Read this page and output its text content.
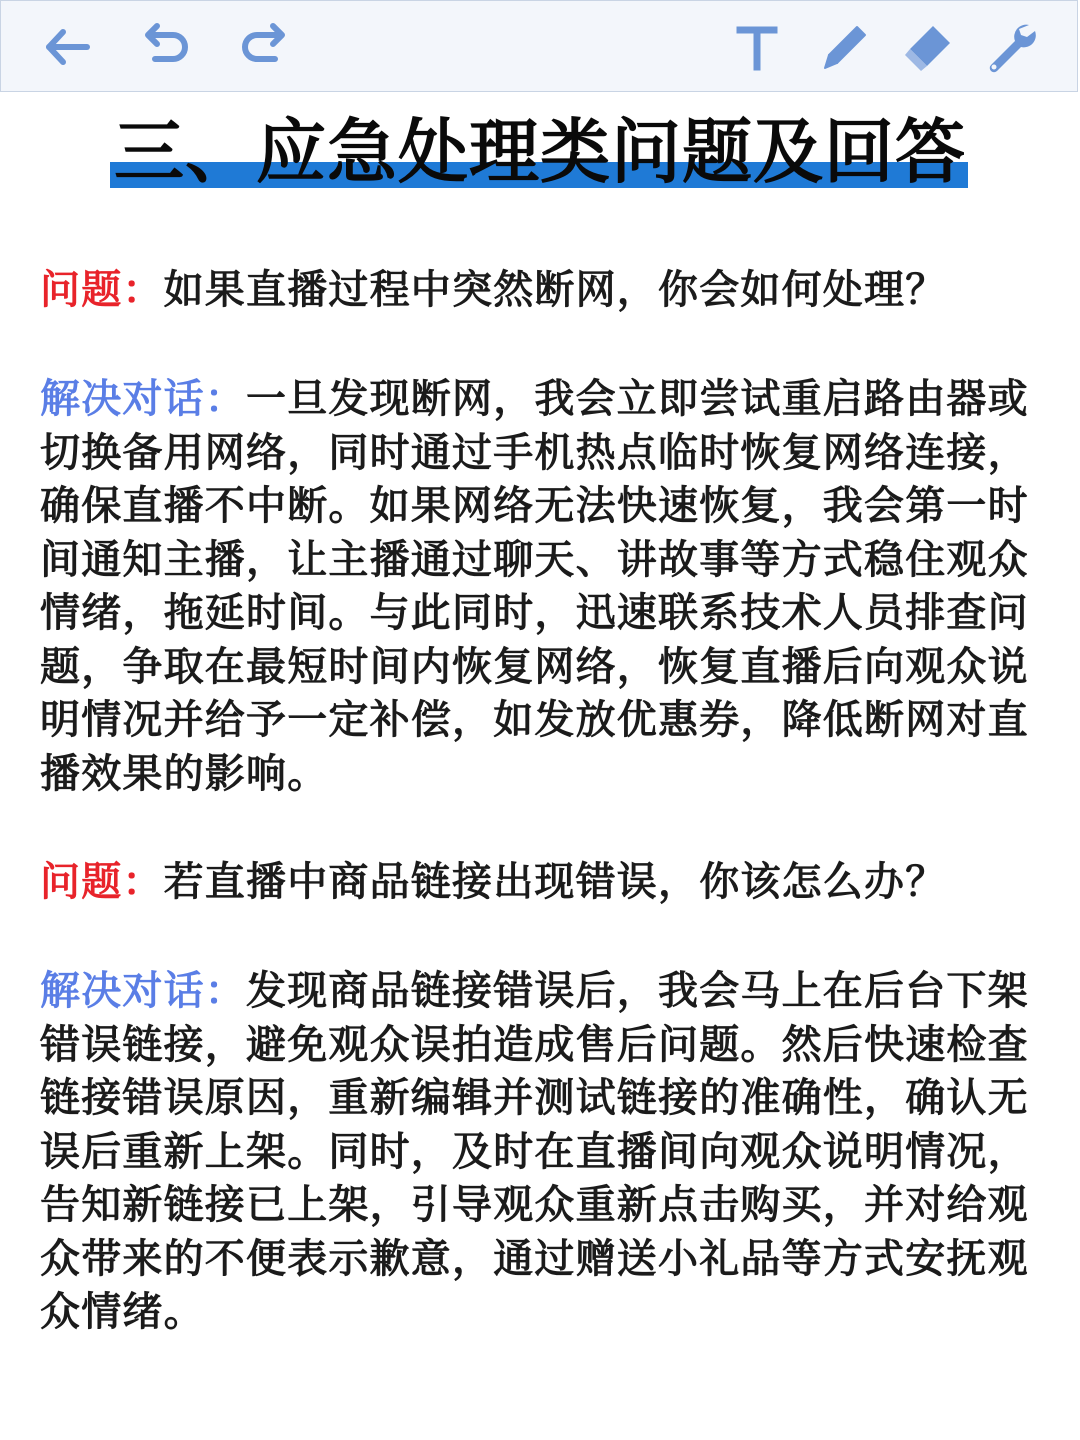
三、应急处理类问题及回答
问题：如果直播过程中突然断网，你会如何处理？
解决对话：一旦发现断网，我会立即尝试重启路由器或切换备用网络，同时通过手机热点临时恢复网络连接，确保直播不中断。如果网络无法快速恢复，我会第一时间通知主播，让主播通过聊天、讲故事等方式稳住观众情绪，拖延时间。与此同时，迅速联系技术人员排查问题，争取在最短时间内恢复网络，恢复直播后向观众说明情况并给予一定补偿，如发放优惠券，降低断网对直播效果的影响。
问题：若直播中商品链接出现错误，你该怎么办？
解决对话：发现商品链接错误后，我会马上在后台下架错误链接，避免观众误拍造成售后问题。然后快速检查链接错误原因，重新编辑并测试链接的准确性，确认无误后重新上架。同时，及时在直播间向观众说明情况，告知新链接已上架，引导观众重新点击购买，并对给观众带来的不便表示歉意，通过赠送小礼品等方式安抚观众情绪。
